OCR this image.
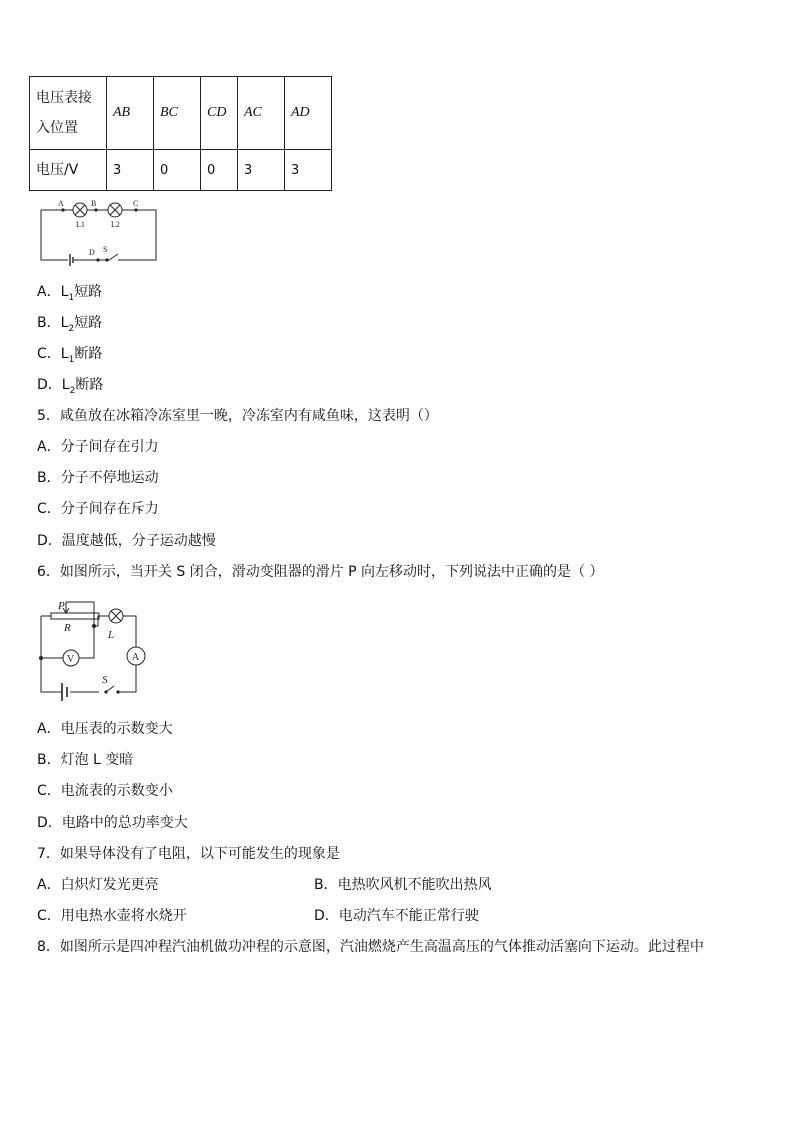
电压表接入位置	AB	BC	CD	AC	AD
电压/V	3	0	0	3	3
A	B	C
L1	L2
D S
A．$L_1$短路
B．$L_2$短路
C．$L_1$断路
D．$L_2$断路
5．咸鱼放在冰箱冷冻室里一晚，冷冻室内有咸鱼味，这表明（）
A．分子间存在引力
B．分子不停地运动
C．分子间存在斥力
D．温度越低，分子运动越慢
6．如图所示，当开关 S 闭合，滑动变阻器的滑片 P 向左移动时，下列说法中正确的是（ ）
P
R
L
V	A
S
A．电压表的示数变大
B．灯泡 L 变暗
C．电流表的示数变小
D．电路中的总功率变大
7．如果导体没有了电阻，以下可能发生的现象是
A．白炽灯发光更亮	B．电热吹风机不能吹出热风
C．用电热水壶将水烧开	D．电动汽车不能正常行驶
8．如图所示是四冲程汽油机做功冲程的示意图，汽油燃烧产生高温高压的气体推动活塞向下运动。此过程中
